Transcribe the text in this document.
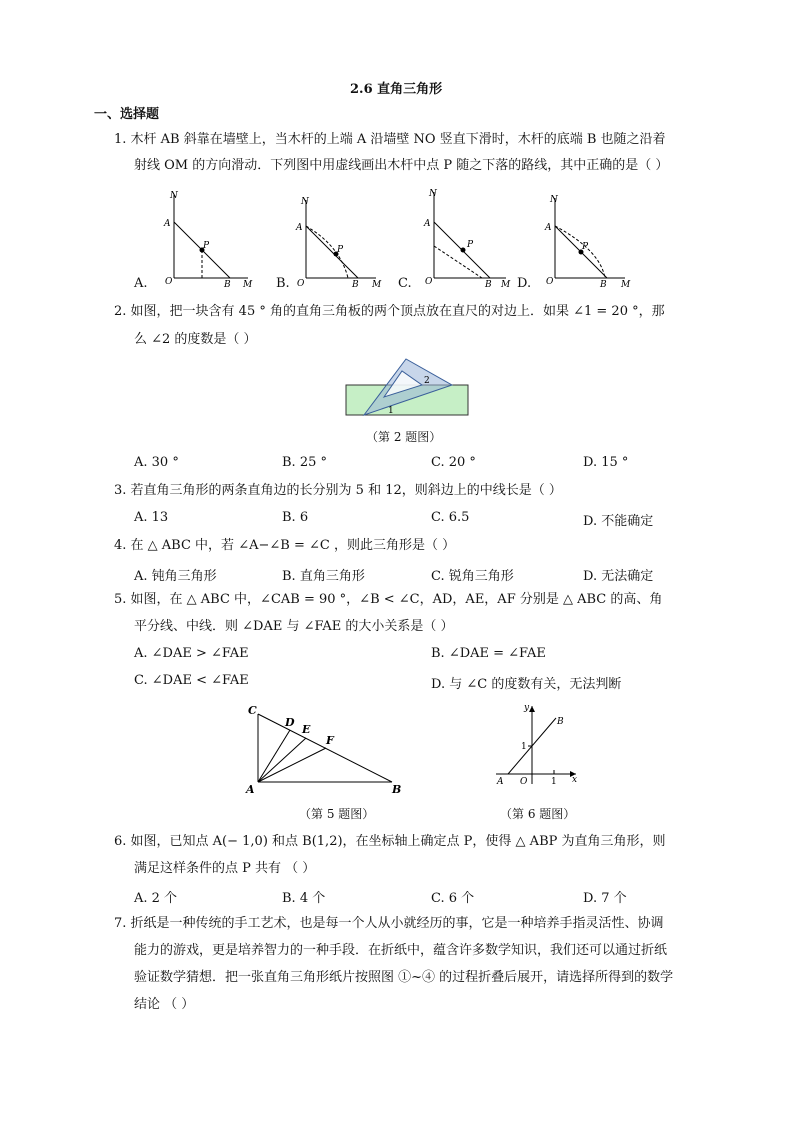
2.6 直角三角形
一、选择题
1. 木杆 AB 斜靠在墙壁上，当木杆的上端 A 沿墙壁 NO 竖直下滑时，木杆的底端 B 也随之沿着
射线 OM 的方向滑动．下列图中用虚线画出木杆中点 P 随之下落的路线，其中正确的是（ ）
N
A
P
O	B M
N
A
P
O	B M
N
A
P
O	B M
N
A
P
O	B M
A.	B.	C.	D.
2. 如图，把一块含有 45 ° 角的直角三角板的两个顶点放在直尺的对边上．如果 ∠1 = 20 °，那
么 ∠2 的度数是（ ）
2
1
（第 2 题图）
A. 30 °	B. 25 °	C. 20 °	D. 15 °
3. 若直角三角形的两条直角边的长分别为 5 和 12，则斜边上的中线长是（ ）
A. 13	B. 6	C. 6.5	D. 不能确定
4. 在 △ ABC 中，若 ∠A−∠B = ∠C ，则此三角形是（ ）
A. 钝角三角形	B. 直角三角形	C. 锐角三角形	D. 无法确定
5. 如图，在 △ ABC 中，∠CAB = 90 °，∠B < ∠C，AD，AE，AF 分别是 △ ABC 的高、角
平分线、中线．则 ∠DAE 与 ∠FAE 的大小关系是（ ）
A. ∠DAE > ∠FAE	B. ∠DAE = ∠FAE
C. ∠DAE < ∠FAE	D. 与 ∠C 的度数有关，无法判断
C
D
E
F
A	B
（第 5 题图）
y
B
1
A O	1 x
（第 6 题图）
6. 如图，已知点 A(− 1,0) 和点 B(1,2)，在坐标轴上确定点 P，使得 △ ABP 为直角三角形，则
满足这样条件的点 P 共有 （ ）
A. 2 个	B. 4 个	C. 6 个	D. 7 个
7. 折纸是一种传统的手工艺术，也是每一个人从小就经历的事，它是一种培养手指灵活性、协调
能力的游戏，更是培养智力的一种手段．在折纸中，蕴含许多数学知识，我们还可以通过折纸
验证数学猜想．把一张直角三角形纸片按照图 ①~④ 的过程折叠后展开，请选择所得到的数学
结论 （ ）
